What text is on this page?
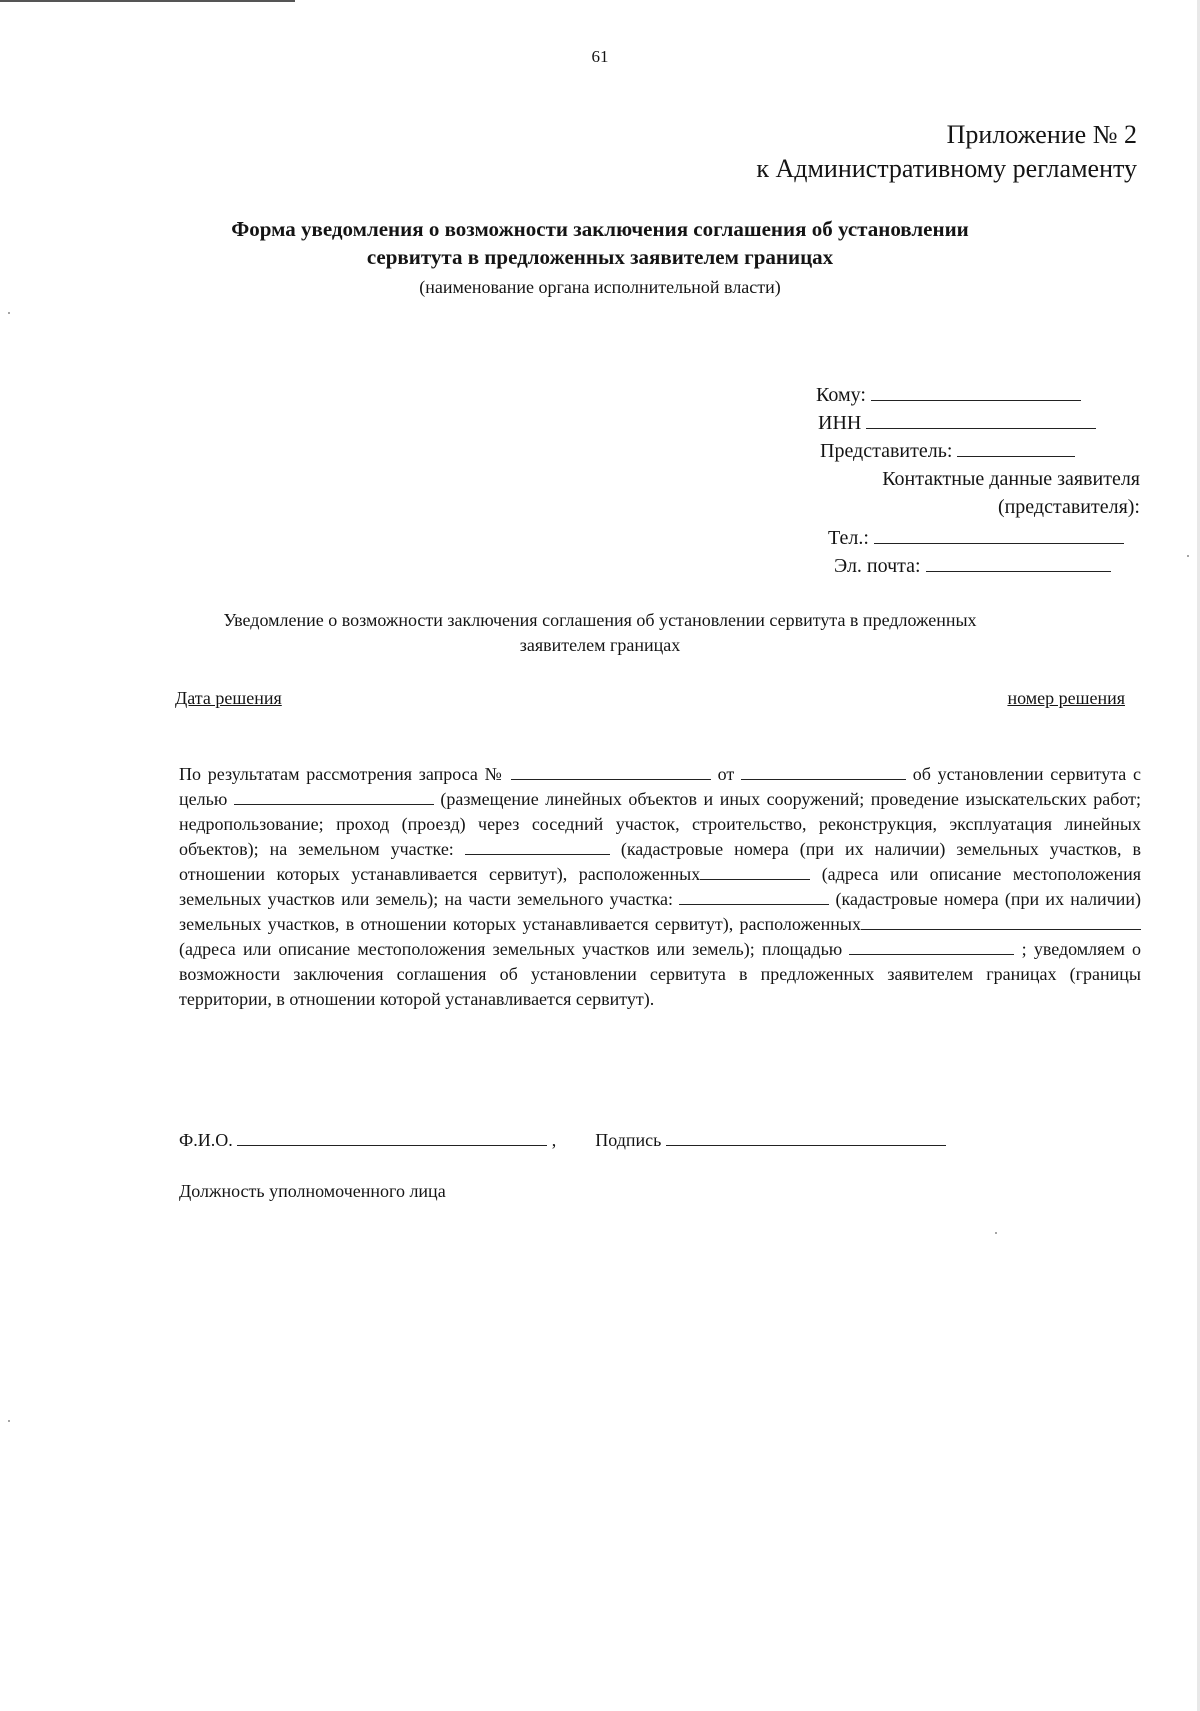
61
Приложение № 2
к Административному регламенту
Форма уведомления о возможности заключения соглашения об установлении
сервитута в предложенных заявителем границах
(наименование органа исполнительной власти)
Кому:
ИНН
Представитель:
Контактные данные заявителя
(представителя):
Тел.:
Эл. почта:
Уведомление о возможности заключения соглашения об установлении сервитута в предложенных
заявителем границах
Дата решения	номер решения
По результатам рассмотрения запроса №	от	об установлении сервитута с целью	(размещение линейных объектов и иных сооружений; проведение изыскательских работ; недропользование; проход (проезд) через соседний участок, строительство, реконструкция, эксплуатация линейных объектов); на земельном участке:	(кадастровые номера (при их наличии) земельных участков, в отношении которых устанавливается сервитут), расположенных	(адреса или описание местоположения земельных участков или земель); на части земельного участка:	(кадастровые номера (при их наличии) земельных участков, в отношении которых устанавливается сервитут), расположенных (адреса или описание местоположения земельных участков или земель); площадью	; уведомляем о возможности заключения соглашения об установлении сервитута в предложенных заявителем границах (границы территории, в отношении которой устанавливается сервитут).
Ф.И.О.	, Подпись
Должность уполномоченного лица
